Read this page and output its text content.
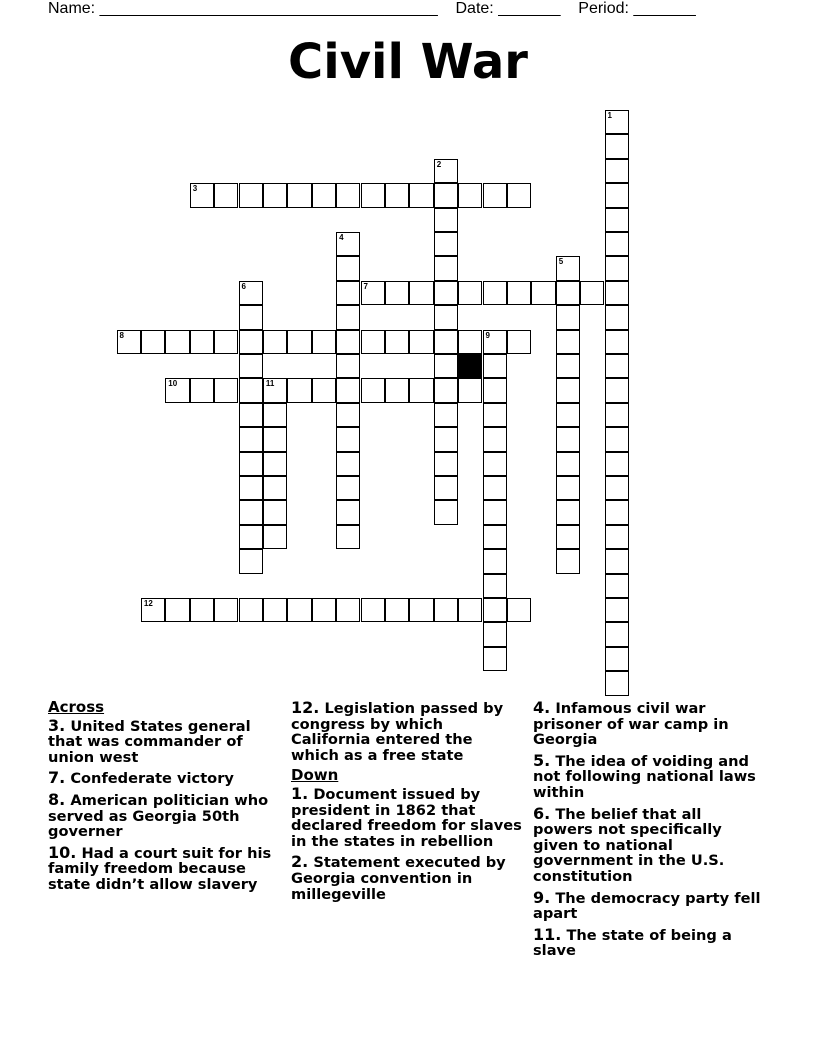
Name: ______________________________________ Date: _______ Period: _______
Civil War
1
2
3
4
5
6	7
8	9
10	11
12
Across
3. United States general that was commander of union west
7. Confederate victory
8. American politician who served as Georgia 50th governer
10. Had a court suit for his family freedom because state didn’t allow slavery
12. Legislation passed by congress by which California entered the which as a free state
Down
1. Document issued by president in 1862 that declared freedom for slaves in the states in rebellion
2. Statement executed by Georgia convention in millegeville
4. Infamous civil war prisoner of war camp in Georgia
5. The idea of voiding and not following national laws within
6. The belief that all powers not specifically given to national government in the U.S. constitution
9. The democracy party fell apart
11. The state of being a slave
